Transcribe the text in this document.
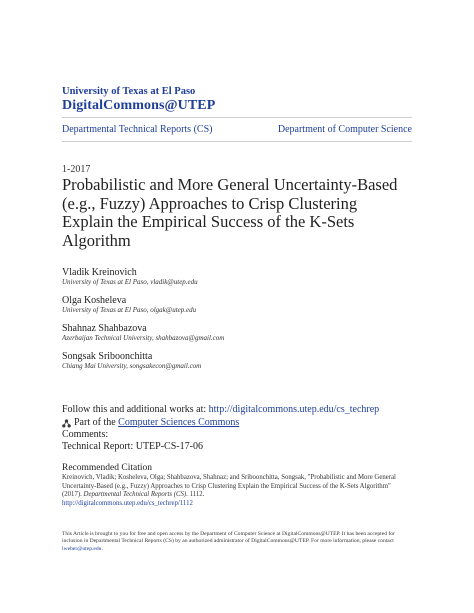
University of Texas at El Paso
DigitalCommons@UTEP
Departmental Technical Reports (CS)	Department of Computer Science
1-2017
Probabilistic and More General Uncertainty-Based (e.g., Fuzzy) Approaches to Crisp Clustering Explain the Empirical Success of the K-Sets Algorithm
Vladik Kreinovich
University of Texas at El Paso, vladik@utep.edu
Olga Kosheleva
University of Texas at El Paso, olgak@utep.edu
Shahnaz Shahbazova
Azerbaijan Technical University, shahbazova@gmail.com
Songsak Sriboonchitta
Chiang Mai University, songsakecon@gmail.com
Follow this and additional works at: http://digitalcommons.utep.edu/cs_techrep
Part of the Computer Sciences Commons
Comments:
Technical Report: UTEP-CS-17-06
Recommended Citation
Kreinovich, Vladik; Kosheleva, Olga; Shahbazova, Shahnaz; and Sriboonchitta, Songsak, "Probabilistic and More General Uncertainty-Based (e.g., Fuzzy) Approaches to Crisp Clustering Explain the Empirical Success of the K-Sets Algorithm" (2017). Departmental Technical Reports (CS). 1112.
http://digitalcommons.utep.edu/cs_techrep/1112
This Article is brought to you for free and open access by the Department of Computer Science at DigitalCommons@UTEP. It has been accepted for inclusion in Departmental Technical Reports (CS) by an authorized administrator of DigitalCommons@UTEP. For more information, please contact lweber@utep.edu.
